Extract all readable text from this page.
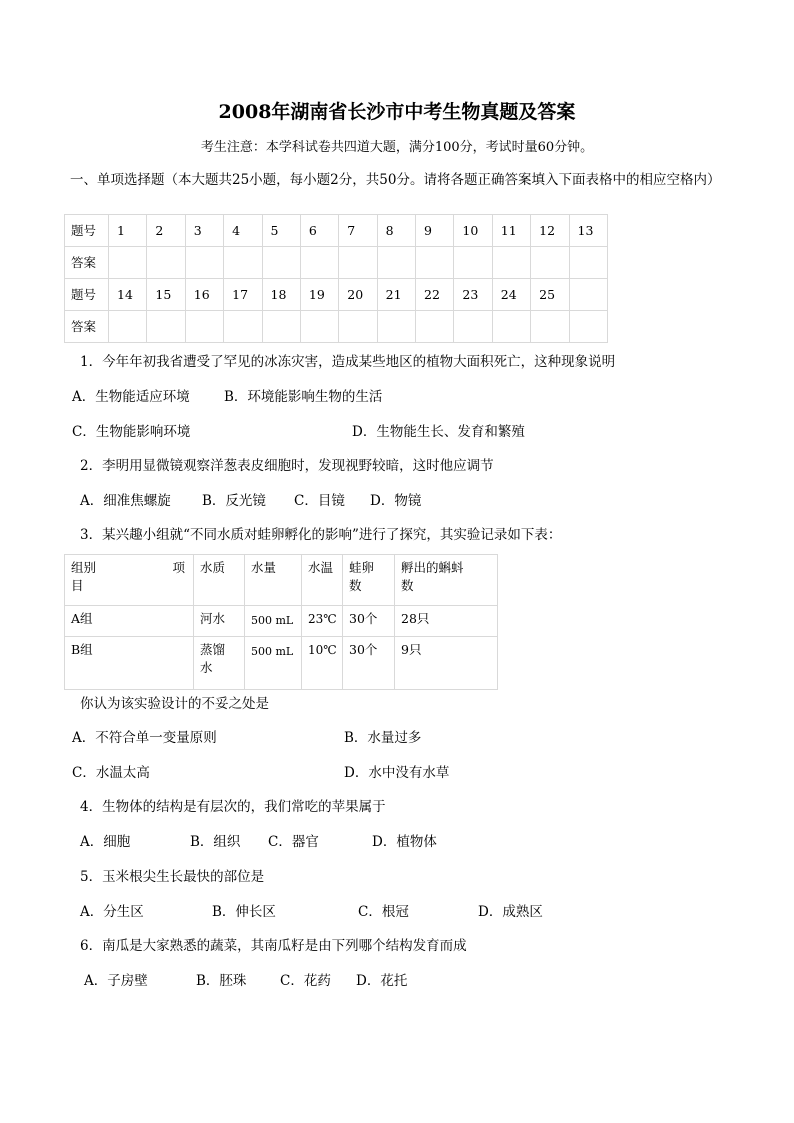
2008年湖南省长沙市中考生物真题及答案
考生注意：本学科试卷共四道大题，满分100分，考试时量60分钟。
一、单项选择题（本大题共25小题，每小题2分，共50分。请将各题正确答案填入下面表格中的相应空格内）
题号	1	2	3	4	5	6	7	8	9	10	11	12	13
答案													
题号	14	15	16	17	18	19	20	21	22	23	24	25	
答案													
1．今年年初我省遭受了罕见的冰冻灾害，造成某些地区的植物大面积死亡，这种现象说明
A．生物能适应环境	B．环境能影响生物的生活
C．生物能影响环境	D．生物能生长、发育和繁殖
2．李明用显微镜观察洋葱表皮细胞时，发现视野较暗，这时他应调节
A．细准焦螺旋 B．反光镜 C．目镜 D．物镜
3．某兴趣小组就“不同水质对蛙卵孵化的影响”进行了探究，其实验记录如下表：
组别 项

目	水质	水量	水温	蛙卵数	孵出的蝌蚪数

A组	河水	500 mL	23℃	30个	28只
B组	蒸馏水	500 mL	10℃	30个	9只
你认为该实验设计的不妥之处是
A．不符合单一变量原则	B．水量过多
C．水温太高	D．水中没有水草
4．生物体的结构是有层次的，我们常吃的苹果属于
A．细胞	B．组织 C．器官	D．植物体
5．玉米根尖生长最快的部位是
A．分生区	B．伸长区	C．根冠	D．成熟区
6．南瓜是大家熟悉的蔬菜，其南瓜籽是由下列哪个结构发育而成
A．子房壁	B．胚珠 C．花药 D．花托
